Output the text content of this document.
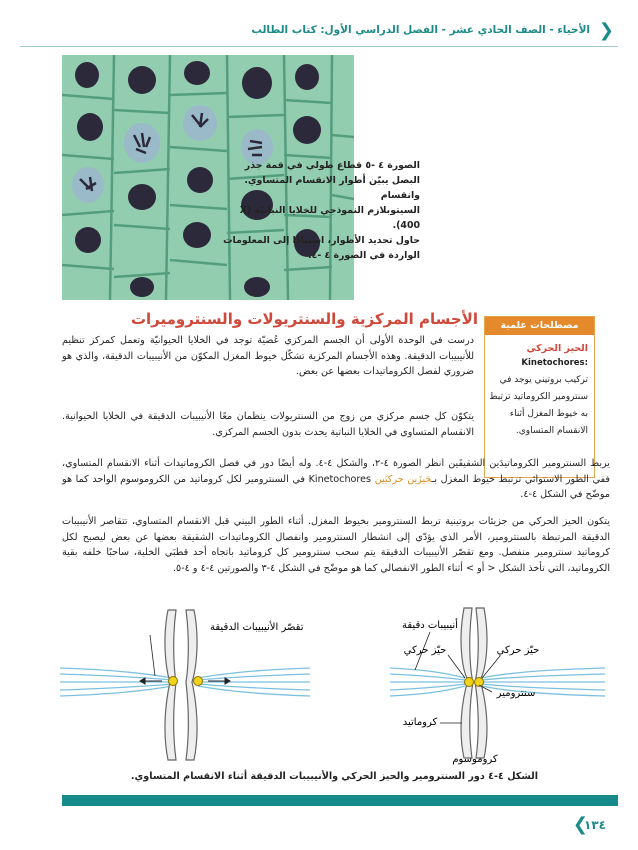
الأحياء - الصف الحادي عشر - الفصل الدراسي الأول: كتاب الطالب ❯
الصورة ٤ -٥ قطاع طولي في قمة جذر
البصل يبيّن أطوار الانقسام المتساوي. وانقسام
السيتوبلازم النموذجي للخلايا النباتيّة (X 400).
حاول تحديد الأطوار، استنادًا إلى المعلومات
الواردة في الصورة ٤ -٤.
الأجسام المركزية والسنتريولات والسنترومیرات	مصطلحات علمية
الحيز الحركي
Kinetochores:
تركيب بروتيني يوجد في سنترومير الكروماتيد ترتبط به خيوط المغزل أثناء الانقسام المتساوي.
درست في الوحدة الأولى أن الجسم المركزي عُضيّة توجد في الخلايا الحيوانيّة وتعمل كمركز تنظيم للأنيبيبات الدقيقة. وهذه الأجسام المركزية تشكّل خيوط المغزل المكوّن من الأنيبيبات الدقيقة، والذي هو ضروري لفصل الكروماتيدات بعضها عن بعض.
يتكوّن كل جسم مركزي من زوج من السنتريولات ينظمان معًا الأنيبيبات الدقيقة في الخلايا الحيوانية. الانقسام المتساوي في الخلايا النباتية يحدث بدون الجسم المركزي.
يربط السنترومير الكروماتيدَين الشقيقَين انظر الصورة ٤-٢، والشكل ٤-٤. وله أيضًا دور في فصل الكروماتيدات أثناء الانقسام المتساوي، ففي الطور الاستوائي ترتبط خيوط المغزل بـحَيزَين حركيَين Kinetochores في السنترومير لكل كروماتيد من الكروموسوم الواحد كما هو موضّح في الشكل ٤-٤.
يتكون الحيز الحركي من جزيئات بروتينية تربط السنترومير بخيوط المغزل. أثناء الطور البيني قبل الانقسام المتساوي، تتقاصر الأنيبيبات الدقيقة المرتبطة بالسنترومير، الأمر الذي يؤدّي إلى انشطار السنترومير وانفصال الكروماتيدات الشقيقة بعضها عن بعض ليصبح لكل كروماتيد سنترومير منفصل. ومع تقصّر الأنيبيبات الدقيقة يتم سحب سنترومير كل كروماتيد باتجاه أحد قطبَي الخلية، ساحبًا خلفه بقية الكروماتيد، التي تأخذ الشكل < أو > أثناء الطور الانفصالي كما هو موضّح في الشكل ٤-٣ والصورتين ٤-٤ و ٤-٥.
تقصّر الأنيبيبات الدقيقة	أنيبيبات دقيقة
حيّز حركي	حيّز حركي
سنترومير
كروماتيد
كروموسوم
الشكل ٤-٤ دور السنترومير والحيز الحركي والأنيبيبات الدقيقة أثناء الانقسام المتساوي.
❮
١٣٤
